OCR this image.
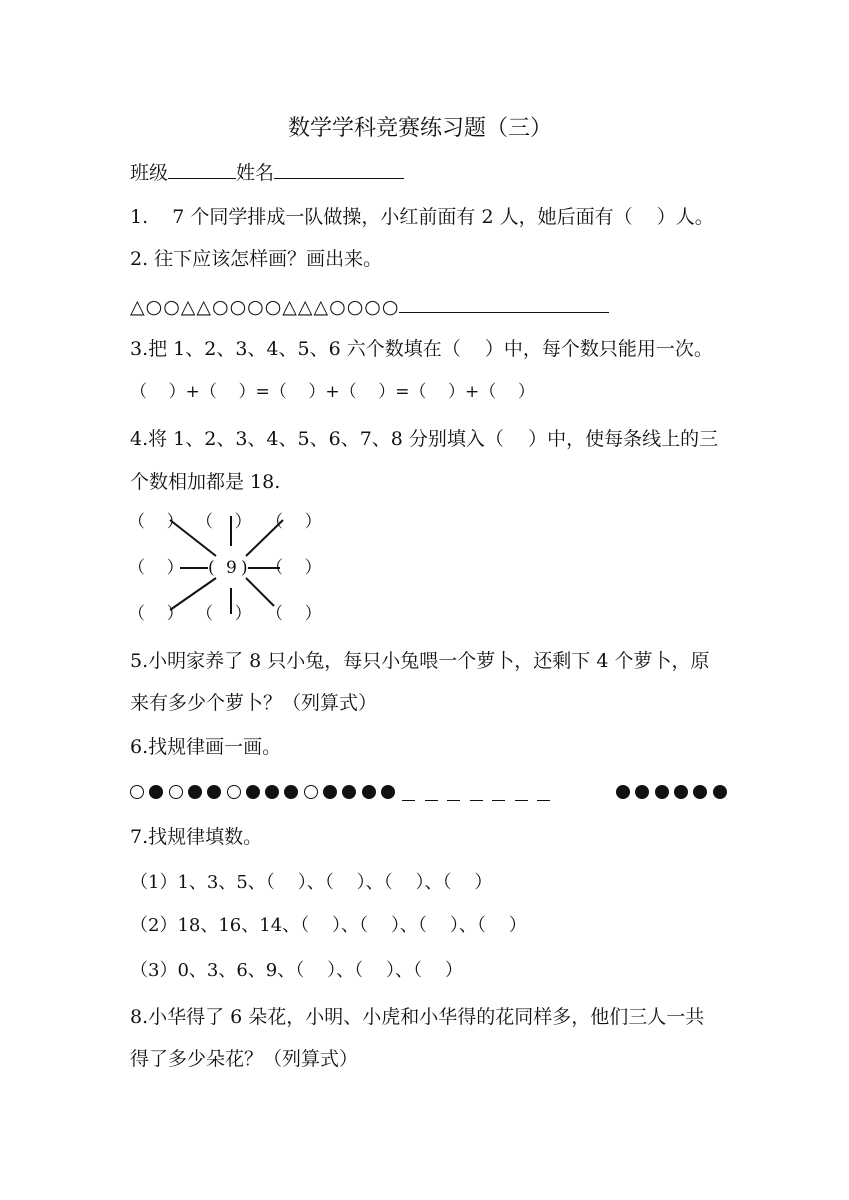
数学学科竞赛练习题（三）
班级	姓名
1.    7 个同学排成一队做操，小红前面有 2 人，她后面有（    ）人。
2. 往下应该怎样画？画出来。
△○○△△○○○○△△△○○○○
3.把 1、2、3、4、5、6 六个数填在（    ）中，每个数只能用一次。
（    ）+（    ）=（    ）+（    ）=（    ）+（    ）
4.将 1、2、3、4、5、6、7、8 分别填入（    ）中，使每条线上的三
个数相加都是 18.
（    ） （    ） （    ）
（    ） ( 9 ) （    ）
（    ） （    ） （    ）
5.小明家养了 8 只小兔，每只小兔喂一个萝卜，还剩下 4 个萝卜，原
来有多少个萝卜？（列算式）
6.找规律画一画。
7.找规律填数。
（1）1、3、5、（    ）、（    ）、（    ）、（    ）
（2）18、16、14、（    ）、（    ）、（    ）、（    ）
（3）0、3、6、9、（    ）、（    ）、（    ）
8.小华得了 6 朵花，小明、小虎和小华得的花同样多，他们三人一共
得了多少朵花？（列算式）
